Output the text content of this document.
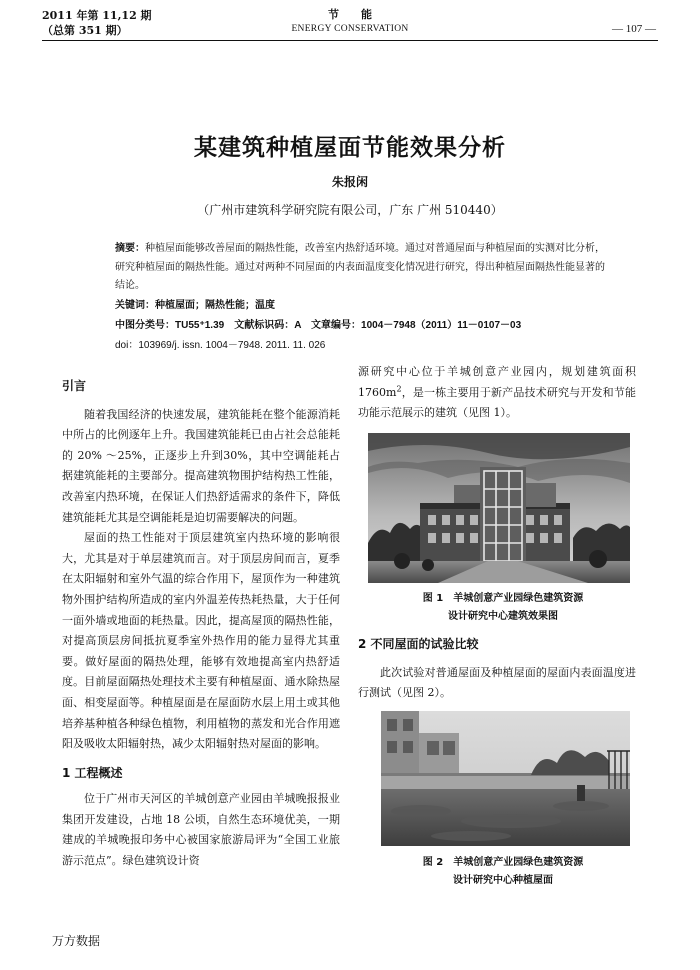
2011 年第 11,12 期
（总第 351 期）
节能
ENERGY CONSERVATION	— 107 —
某建筑种植屋面节能效果分析
朱报闲
（广州市建筑科学研究院有限公司，广东 广州 510440）
摘要：种植屋面能够改善屋面的隔热性能，改善室内热舒适环境。通过对普通屋面与种植屋面的实测对比分析，研究种植屋面的隔热性能。通过对两种不同屋面的内表面温度变化情况进行研究，得出种植屋面隔热性能显著的结论。
关键词：种植屋面；隔热性能；温度
中图分类号：TU55⁺1.39　文献标识码：A　文章编号：1004－7948（2011）11－0107－03
doi：103969/j. issn. 1004－7948. 2011. 11. 026
引言

随着我国经济的快速发展，建筑能耗在整个能源消耗中所占的比例逐年上升。我国建筑能耗已由占社会总能耗的 20% ～25%，正逐步上升到30%，其中空调能耗占据建筑能耗的主要部分。提高建筑物围护结构热工性能，改善室内热环境，在保证人们热舒适需求的条件下，降低建筑能耗尤其是空调能耗是迫切需要解决的问题。

屋面的热工性能对于顶层建筑室内热环境的影响很大，尤其是对于单层建筑而言。对于顶层房间而言，夏季在太阳辐射和室外气温的综合作用下，屋顶作为一种建筑物外围护结构所造成的室内外温差传热耗热量，大于任何一面外墙或地面的耗热量。因此，提高屋顶的隔热性能，对提高顶层房间抵抗夏季室外热作用的能力显得尤其重要。做好屋面的隔热处理，能够有效地提高室内热舒适度。目前屋面隔热处理技术主要有种植屋面、通水除热屋面、相变屋面等。种植屋面是在屋面防水层上用土或其他培养基种植各种绿色植物，利用植物的蒸发和光合作用遮阳及吸收太阳辐射热，减少太阳辐射热对屋面的影响。

1 工程概述

位于广州市天河区的羊城创意产业园由羊城晚报报业集团开发建设，占地 18 公顷，自然生态环境优美，一期建成的羊城晚报印务中心被国家旅游局评为“全国工业旅游示范点”。绿色建筑设计资

源研究中心位于羊城创意产业园内，规划建筑面积$1760m^2$，是一栋主要用于新产品技术研究与开发和节能功能示范展示的建筑（见图 1）。

图 1　羊城创意产业园绿色建筑资源
设计研究中心建筑效果图
2 不同屋面的试验比较

此次试验对普通屋面及种植屋面的屋面内表面温度进行测试（见图 2）。

图 2　羊城创意产业园绿色建筑资源
设计研究中心种植屋面
万方数据
